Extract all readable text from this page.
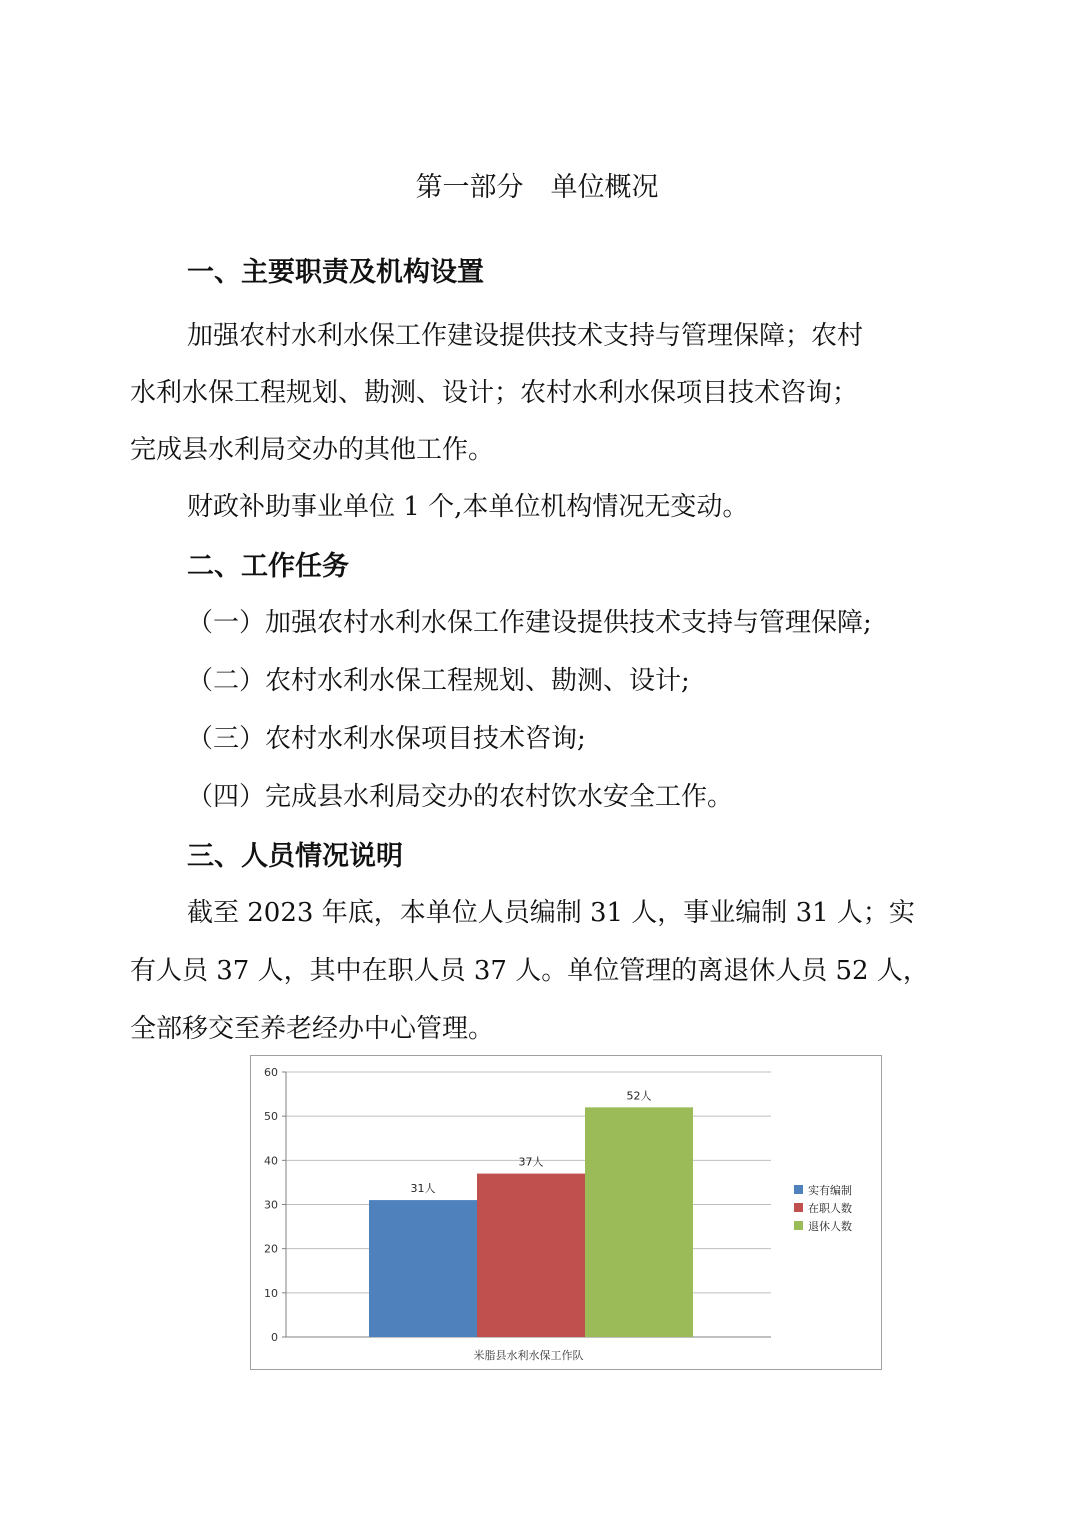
第一部分　单位概况
一、主要职责及机构设置
加强农村水利水保工作建设提供技术支持与管理保障；农村
水利水保工程规划、勘测、设计；农村水利水保项目技术咨询；
完成县水利局交办的其他工作。
财政补助事业单位 1 个,本单位机构情况无变动。
二、工作任务
（一）加强农村水利水保工作建设提供技术支持与管理保障;
（二）农村水利水保工程规划、勘测、设计;
（三）农村水利水保项目技术咨询;
（四）完成县水利局交办的农村饮水安全工作。
三、人员情况说明
截至 2023 年底，本单位人员编制 31 人，事业编制 31 人；实
有人员 37 人，其中在职人员 37 人。单位管理的离退休人员 52 人，
全部移交至养老经办中心管理。
0
10
20
30
40
50
60
31人
37人
52人
米脂县水利水保工作队
实有编制
在职人数
退休人数
